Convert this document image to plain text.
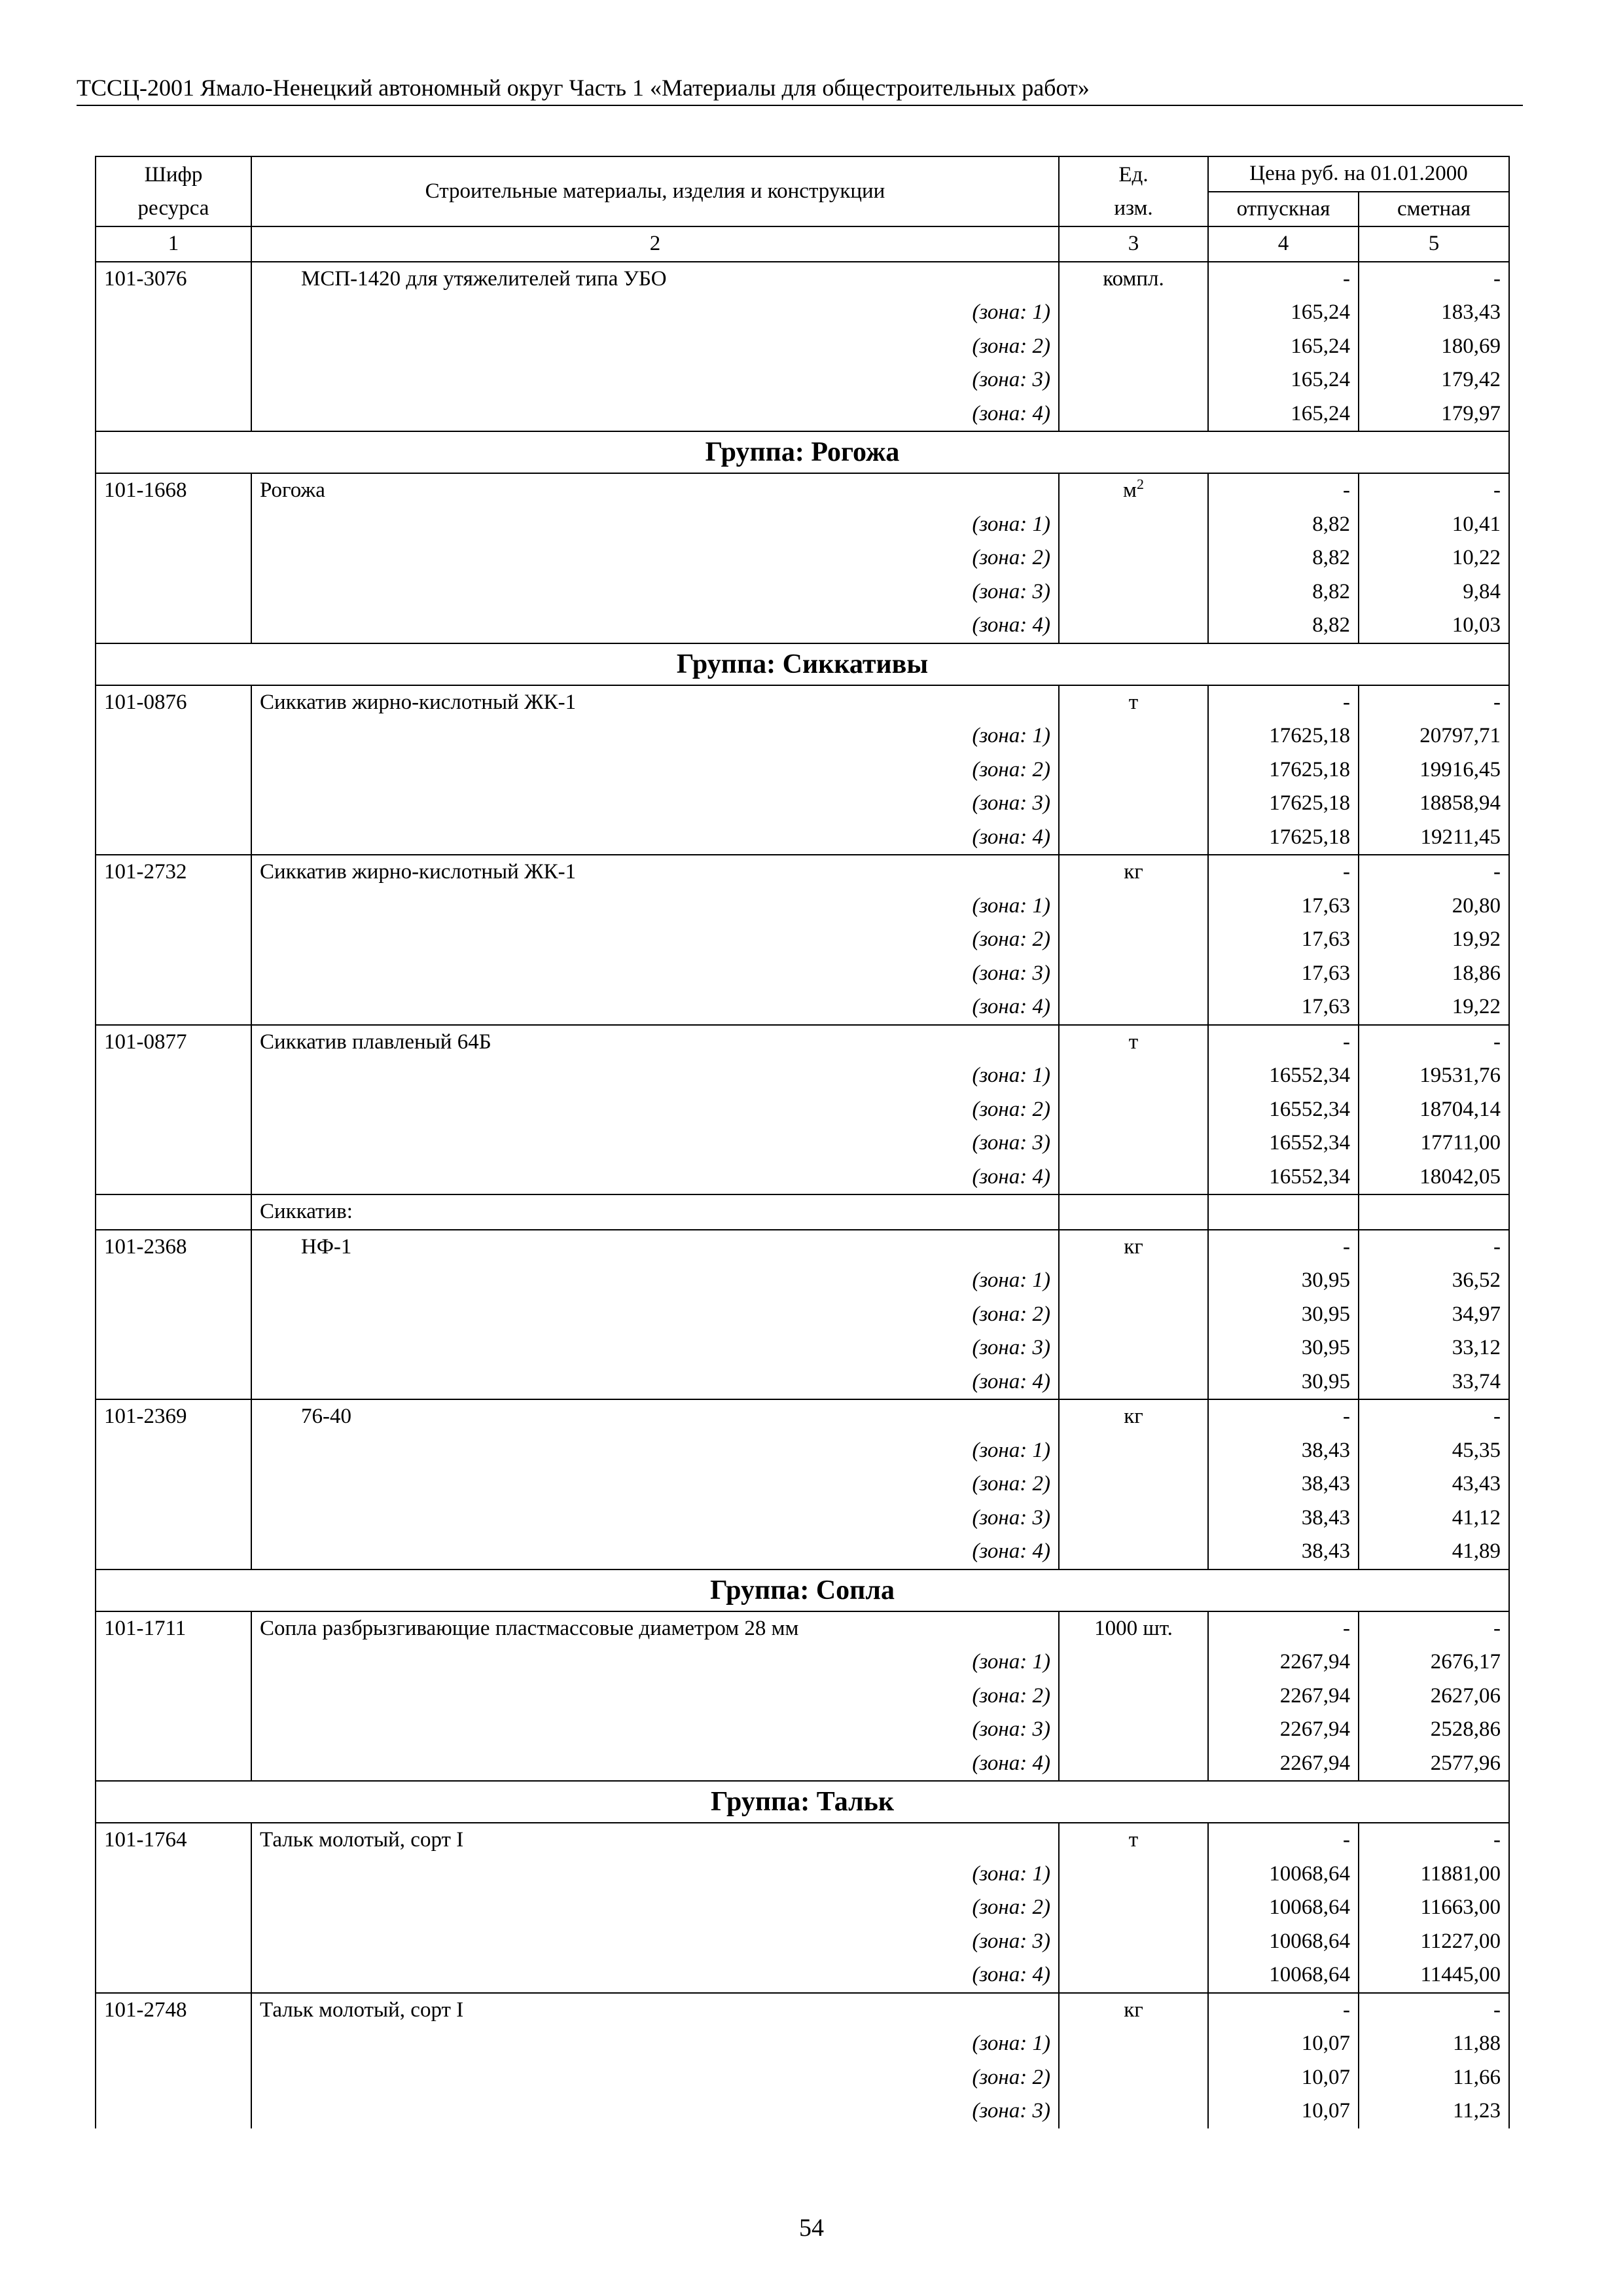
ТССЦ-2001 Ямало-Ненецкий автономный округ Часть 1 «Материалы для общестроительных работ»
Шифр ресурса	Строительные материалы, изделия и конструкции	Ед. изм.	Цена руб. на 01.01.2000	
			отпускная	сметная
1	2	3	4	5
101-3076	МСП-1420 для утяжелителей типа УБО	компл.	-	-
	(зона: 1)		165,24	183,43
	(зона: 2)		165,24	180,69
	(зона: 3)		165,24	179,42
	(зона: 4)		165,24	179,97
Группа: Рогожа				
101-1668	Рогожа	$м^2$	-	-
	(зона: 1)		8,82	10,41
	(зона: 2)		8,82	10,22
	(зона: 3)		8,82	9,84
	(зона: 4)		8,82	10,03
Группа: Сиккативы				
101-0876	Сиккатив жирно-кислотный ЖК-1	т	-	-
	(зона: 1)		17625,18	20797,71
	(зона: 2)		17625,18	19916,45
	(зона: 3)		17625,18	18858,94
	(зона: 4)		17625,18	19211,45
101-2732	Сиккатив жирно-кислотный ЖК-1	кг	-	-
	(зона: 1)		17,63	20,80
	(зона: 2)		17,63	19,92
	(зона: 3)		17,63	18,86
	(зона: 4)		17,63	19,22
101-0877	Сиккатив плавленый 64Б	т	-	-
	(зона: 1)		16552,34	19531,76
	(зона: 2)		16552,34	18704,14
	(зона: 3)		16552,34	17711,00
	(зона: 4)		16552,34	18042,05
	Сиккатив:			
101-2368	НФ-1	кг	-	-
	(зона: 1)		30,95	36,52
	(зона: 2)		30,95	34,97
	(зона: 3)		30,95	33,12
	(зона: 4)		30,95	33,74
101-2369	76-40	кг	-	-
	(зона: 1)		38,43	45,35
	(зона: 2)		38,43	43,43
	(зона: 3)		38,43	41,12
	(зона: 4)		38,43	41,89
Группа: Сопла				
101-1711	Сопла разбрызгивающие пластмассовые диаметром 28 мм	1000 шт.	-	-
	(зона: 1)		2267,94	2676,17
	(зона: 2)		2267,94	2627,06
	(зона: 3)		2267,94	2528,86
	(зона: 4)		2267,94	2577,96
Группа: Тальк				
101-1764	Тальк молотый, сорт I	т	-	-
	(зона: 1)		10068,64	11881,00
	(зона: 2)		10068,64	11663,00
	(зона: 3)		10068,64	11227,00
	(зона: 4)		10068,64	11445,00
101-2748	Тальк молотый, сорт I	кг	-	-
	(зона: 1)		10,07	11,88
	(зона: 2)		10,07	11,66
	(зона: 3)		10,07	11,23
54
